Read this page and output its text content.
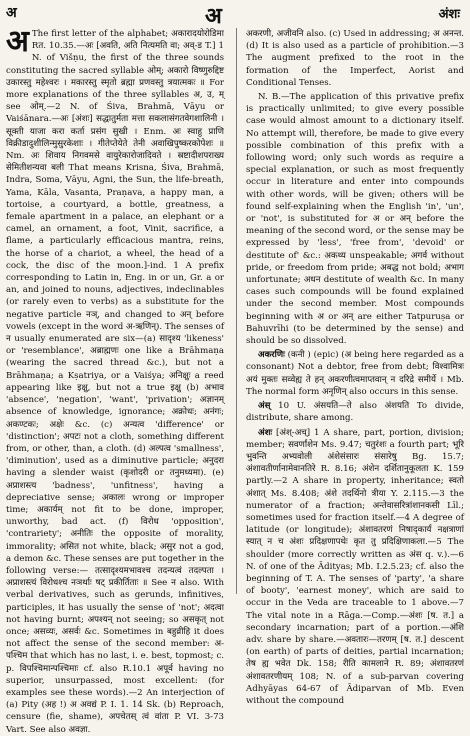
अ	अ	अंशः

अ The first letter of the alphabet; अकारादयोरोडिमा Rत. 10.35.—अः [अवति, अति नित्यमति वा; अव्-ड T.] 1 N. of Višṇu, the first of the three sounds constituting the sacred syllable ओम्; अकारो विष्णुरुद्दिष्ट उकारस्तु महेश्वरः । मकारस्तु स्मृतो ब्रह्मा प्रणवस्तु त्रयात्मकः ॥ For more explanations of the three syllables अ, उ, म् see ओम्.—2 N. of Śiva, Brahmā, Vāyu or Vaiśānara.—अः [अंशः] सद्धातुर्मता मत्ता सकलासंगतवेगशालिनी । सूक्ती याजा करा कर्ता प्रसंग सुखी । Enm. अः स्वाहु प्राणि विक्रीडादुशीलिन्मुसुरकेशाः । गीतेप्तेयेते तेनी अवाखिपुष्करकोपेशः ॥ Nm. अः शिवाय निगवमसे वायुरेकारोजादिवते । स्रष्टादीशपराख्य सेमितीशन्यवा बली That means Krisna, Śiva, Brahmā, Indra, Soma, Vāyu, Agni, the Sun, the life-breath, Yama, Kāla, Vasanta, Praṇava, a happy man, a tortoise, a courtyard, a bottle, greatness, a female apartment in a palace, an elephant or a camel, an ornament, a foot, Vinit, sacrifice, a flame, a particularly efficacious mantra, reins, the horse of a chariot, a wheel, the head of a cock, the disc of the moon.]-ind. 1 A prefix corresponding to Latin in, Eng. in or un, Gr. a or an, and joined to nouns, adjectives, indeclinables (or rarely even to verbs) as a substitute for the negative particle नञ्, and changed to अन् before vowels (except in the word अ-ऋणिन्). The senses of न usually enumerated are six—(a) सादृश्य 'likeness' or 'resemblance', अब्राह्मणः one like a Brāhmaṇa (wearing the sacred thread &c.), but not a Brāhmaṇa; a Kṣatriya, or a Vaiśya; अनिक्षुः a reed appearing like इक्षु, but not a true इक्षु (b) अभाव 'absence', 'negation', 'want', 'privation'; अज्ञानम् absence of knowledge, ignorance; अक्रोधः; अनंगः; अकण्टकः; अक्षेः &c. (c) अन्यत्व 'difference' or 'distinction'; अपटः not a cloth, something different from, or other, than, a cloth. (d) अल्पत्व 'smallness', 'diminution', used as a diminutive particle; अनुदरा having a slender waist (कृशोदरी or तनुमध्यमा). (e) अप्राशस्त्य 'badness', 'unfitness', having a depreciative sense; अकालः wrong or improper time; अकार्यम् not fit to be done, improper, unworthy, bad act. (f) विरोध 'opposition', 'contrariety'; अनीतिः the opposite of morality, immorality; असित not white, black; असुर not a god, a demon &c. These senses are put together in the following verse:— तत्सादृश्यमभावश्च तदन्यत्वं तदल्पता । अप्राशस्त्यं विरोधश्च नञर्थाः षट् प्रकीर्तिताः ॥ See न also. With verbal derivatives, such as gerunds, infinitives, participles, it has usually the sense of 'not'; अदत्वा not having burnt; अपश्यन् not seeing; so असकृत् not once; असव्यः, असर्वः &c. Sometimes in बहुव्रीहि it does not affect the sense of the second member: अ-पश्चिम that which has no last, i. e. best, topmost; c. p. विपश्चिमान्पश्चिमाः cf. also R.10.1 अपूर्व having no superior, unsurpassed, most excellent: (for examples see these words).—2 An interjection of (a) Pity (अह !) अ अवद्यं P. I. 1. 14 Sk. (b) Reproach, censure (fie, shame), अपचेतस् त्वं वांता P. VI. 3-73 Vart. See also अवज्ञा.

अकरणी, अजीवनि also. (c) Used in addressing; अ अनन्त. (d) It is also used as a particle of prohibition.—3 The augment prefixed to the root in the formation of the Imperfect, Aorist and Conditional Tenses.

N. B.—The application of this privative prefix is practically unlimited; to give every possible case would almost amount to a dictionary itself. No attempt will, therefore, be made to give every possible combination of this prefix with a following word; only such words as require a special explanation, or such as most frequently occur in literature and enter into compounds with other words, will be given; others will be found self-explaining when the English 'in', 'un', or 'not', is substituted for अ or अन् before the meaning of the second word, or the sense may be expressed by 'less', 'free from', 'devoid' or destitute of' &c.: अकथ्य unspeakable; अगर्व without pride, or freedom from pride; अबद्ध not bold; अभाग unfortunate; अधन destitute of wealth &c. In many cases such compounds will be found explained under the second member. Most compounds beginning with अ or अन् are either Tatpuruṣa or Bahuvrīhi (to be determined by the sense) and should be so dissolved.

अकरणिः (कनी ) (epic) (अ being here regarded as a consonant) Not a debtor, free from debt; विश्वामित्रः अयं मुक्तः सव्वेह्य ते हन् अकरणीत्वमाप्तवान् न दरिद्रे समीर्ये । Mb. The normal form अनृणिन् also occurs in this sense.

अंस् 10 U. अंसयति—ते also अंशयति To divide, distribute, share among.

अंशः [अंश्-अच्] 1 A share, part, portion, division; member; सवर्णांशेन Ms. 9.47; चतुरंशः a fourth part; भूरि भुवन्ति अभ्यवोली अंशेसंसारः संसारेषु Bg. 15.7; अंशावतीर्णानामेवानतिरे R. 8.16; अंशेन दर्शितानुकूलता K. 159 partly.—2 A share in property, inheritance; स्वतो अंशात् Ms. 8.408; अंशे तदर्थिनो त्रीया Y. 2.115.—3 the numerator of a fraction; अन्तेवासरित्रांशानकसी Līl.; sometimes used for fraction itself.—4 A degree of latitude (or longitude); अंशावतरणं निषाद्कार्यं नक्षत्राणां स्यात् न च अंशः प्रदिक्षणापथेः कृत तु प्रदिक्षिणाकला.—5 The shoulder (more correctly written as अंस q. v.).—6 N. of one of the Ādityas; Mb. I.2.5.23; cf. also the beginning of T. A. The senses of 'party', 'a share of booty', 'earnest money', which are said to occur in the Veda are traceable to 1 above.—7 The vital note in a Rāga.—Comp.—अंशः [ष. त.] a secondary incarnation; part of a portion.—अंशि adv. share by share.—अवतारः—तरणम् [ष. त.] descent (on earth) of parts of deities, partial incarnation; तेष ह्य भवेत Dk. 158; रीति कामलाने R. 89; अंशावतरणं अंशावतरणीयम् 108; N. of a sub-parvan covering Adhyāyas 64-67 of Ādiparvan of Mb. Even without the compound
